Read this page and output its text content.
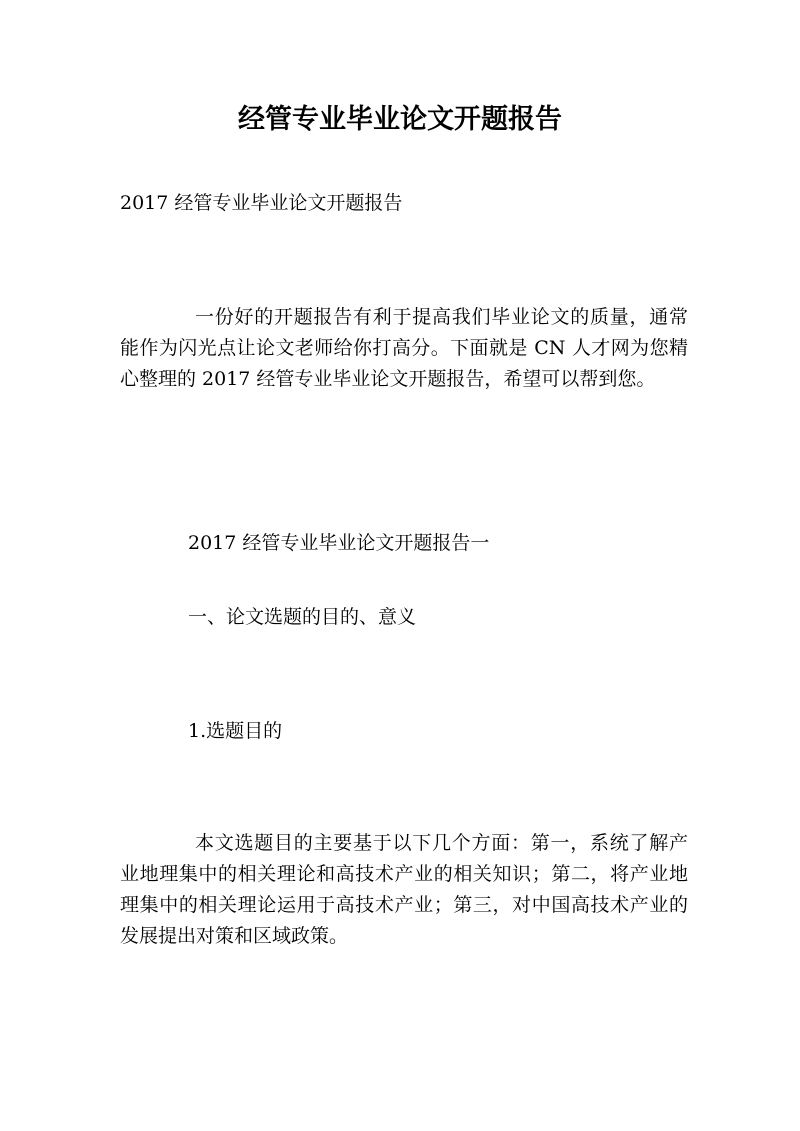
经管专业毕业论文开题报告

2017 经管专业毕业论文开题报告

一份好的开题报告有利于提高我们毕业论文的质量，通常能作为闪光点让论文老师给你打高分。下面就是 CN 人才网为您精心整理的 2017 经管专业毕业论文开题报告，希望可以帮到您。

2017 经管专业毕业论文开题报告一

一、论文选题的目的、意义

1.选题目的

本文选题目的主要基于以下几个方面：第一，系统了解产业地理集中的相关理论和高技术产业的相关知识；第二，将产业地理集中的相关理论运用于高技术产业；第三，对中国高技术产业的发展提出对策和区域政策。
